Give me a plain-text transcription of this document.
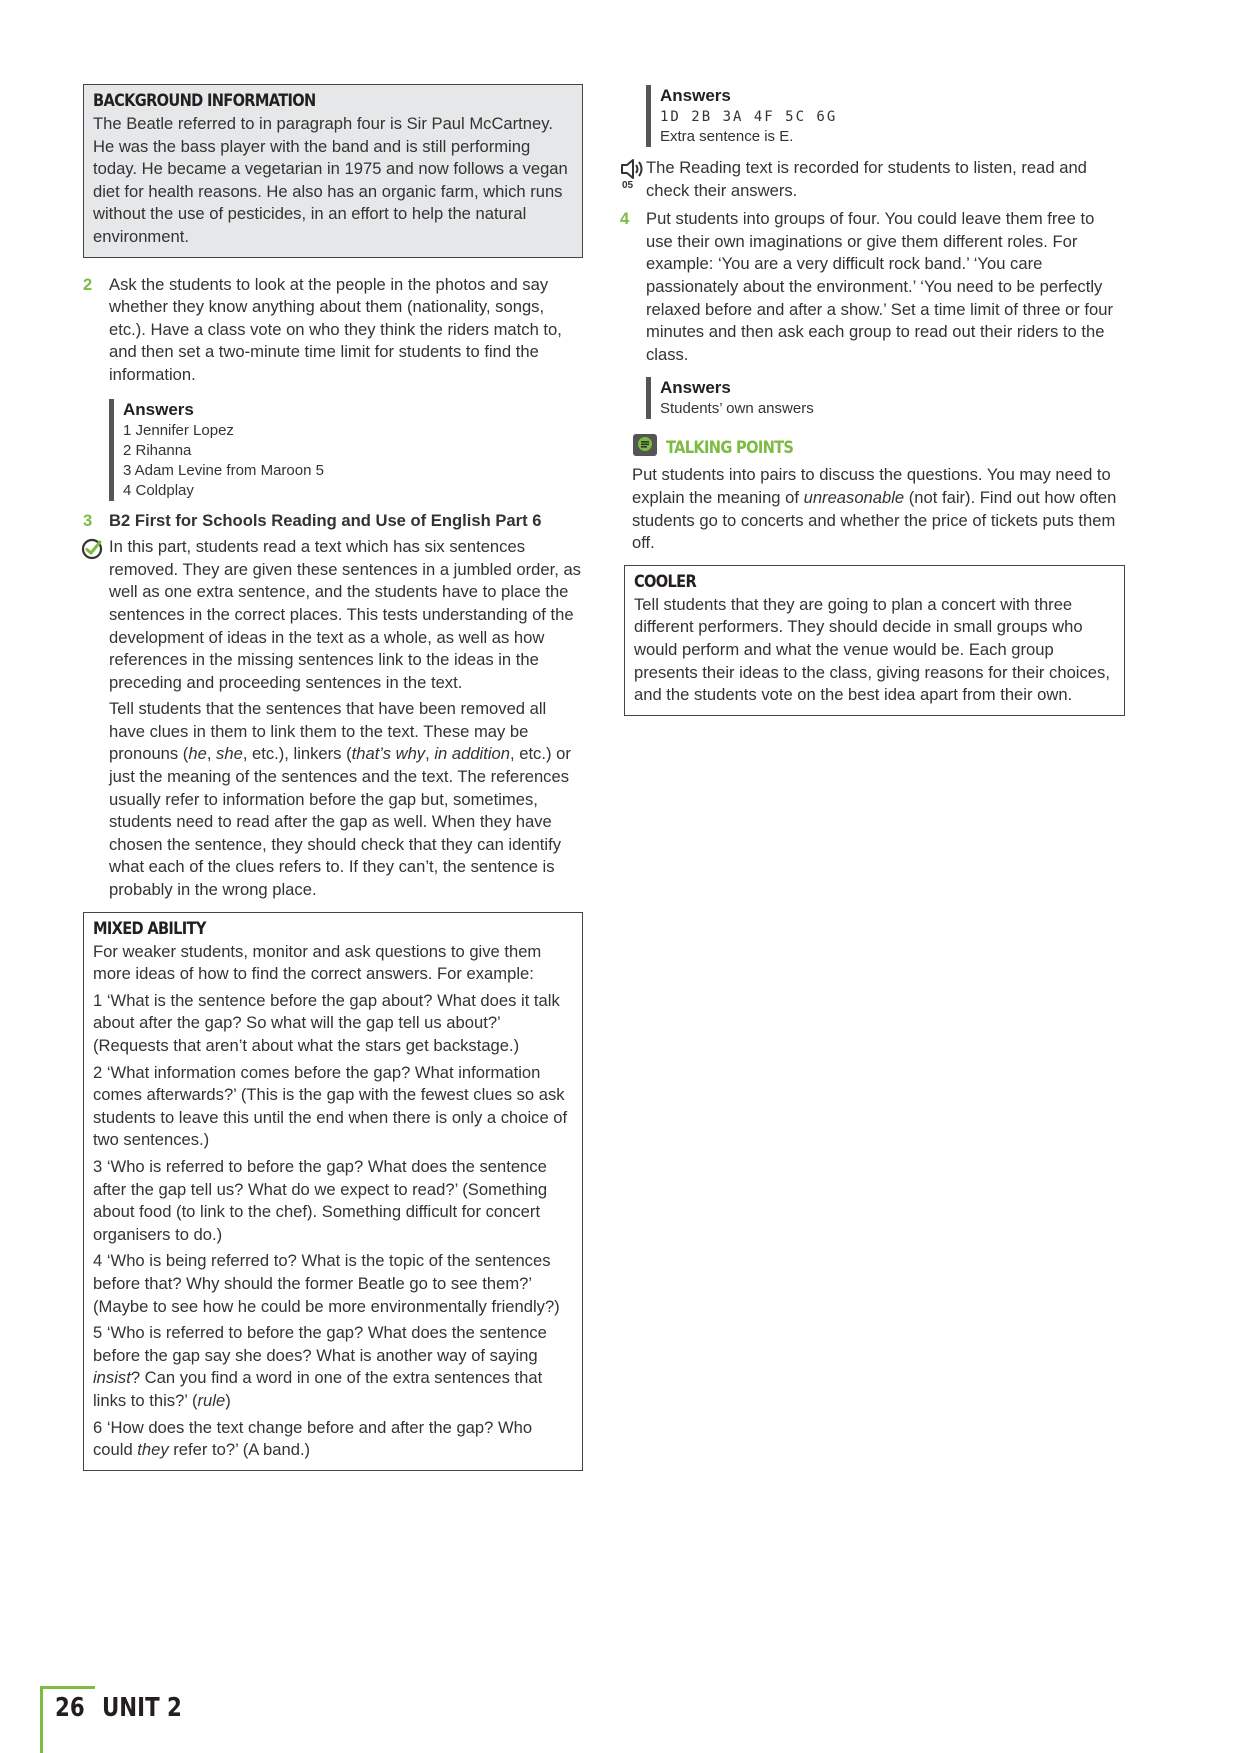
BACKGROUND INFORMATION

The Beatle referred to in paragraph four is Sir Paul McCartney. He was the bass player with the band and is still performing today. He became a vegetarian in 1975 and now follows a vegan diet for health reasons. He also has an organic farm, which runs without the use of pesticides, in an effort to help the natural environment.

2 Ask the students to look at the people in the photos and say whether they know anything about them (nationality, songs, etc.). Have a class vote on who they think the riders match to, and then set a two-minute time limit for students to find the information.

Answers
1 Jennifer Lopez
2 Rihanna
3 Adam Levine from Maroon 5
4 Coldplay
3 B2 First for Schools Reading and Use of English Part 6

In this part, students read a text which has six sentences removed. They are given these sentences in a jumbled order, as well as one extra sentence, and the students have to place the sentences in the correct places. This tests understanding of the development of ideas in the text as a whole, as well as how references in the missing sentences link to the ideas in the preceding and proceeding sentences in the text.

Tell students that the sentences that have been removed all have clues in them to link them to the text. These may be pronouns (he, she, etc.), linkers (that’s why, in addition, etc.) or just the meaning of the sentences and the text. The references usually refer to information before the gap but, sometimes, students need to read after the gap as well. When they have chosen the sentence, they should check that they can identify what each of the clues refers to. If they can’t, the sentence is probably in the wrong place.

MIXED ABILITY

For weaker students, monitor and ask questions to give them more ideas of how to find the correct answers. For example:

1 ‘What is the sentence before the gap about? What does it talk about after the gap? So what will the gap tell us about?’ (Requests that aren’t about what the stars get backstage.)

2 ‘What information comes before the gap? What information comes afterwards?’ (This is the gap with the fewest clues so ask students to leave this until the end when there is only a choice of two sentences.)

3 ‘Who is referred to before the gap? What does the sentence after the gap tell us? What do we expect to read?’ (Something about food (to link to the chef). Something difficult for concert organisers to do.)

4 ‘Who is being referred to? What is the topic of the sentences before that? Why should the former Beatle go to see them?’ (Maybe to see how he could be more environmentally friendly?)

5 ‘Who is referred to before the gap? What does the sentence before the gap say she does? What is another way of saying insist? Can you find a word in one of the extra sentences that links to this?’ (rule)

6 ‘How does the text change before and after the gap? Who could they refer to?’ (A band.)

Answers
1D 2B 3A 4F 5C 6G
Extra sentence is E.
05

The Reading text is recorded for students to listen, read and check their answers.

4 Put students into groups of four. You could leave them free to use their own imaginations or give them different roles. For example: ‘You are a very difficult rock band.’ ‘You care passionately about the environment.’ ‘You need to be perfectly relaxed before and after a show.’ Set a time limit of three or four minutes and then ask each group to read out their riders to the class.

Answers
Students’ own answers
TALKING POINTS

Put students into pairs to discuss the questions. You may need to explain the meaning of unreasonable (not fair). Find out how often students go to concerts and whether the price of tickets puts them off.

COOLER

Tell students that they are going to plan a concert with three different performers. They should decide in small groups who would perform and what the venue would be. Each group presents their ideas to the class, giving reasons for their choices, and the students vote on the best idea apart from their own.

26 UNIT 2
